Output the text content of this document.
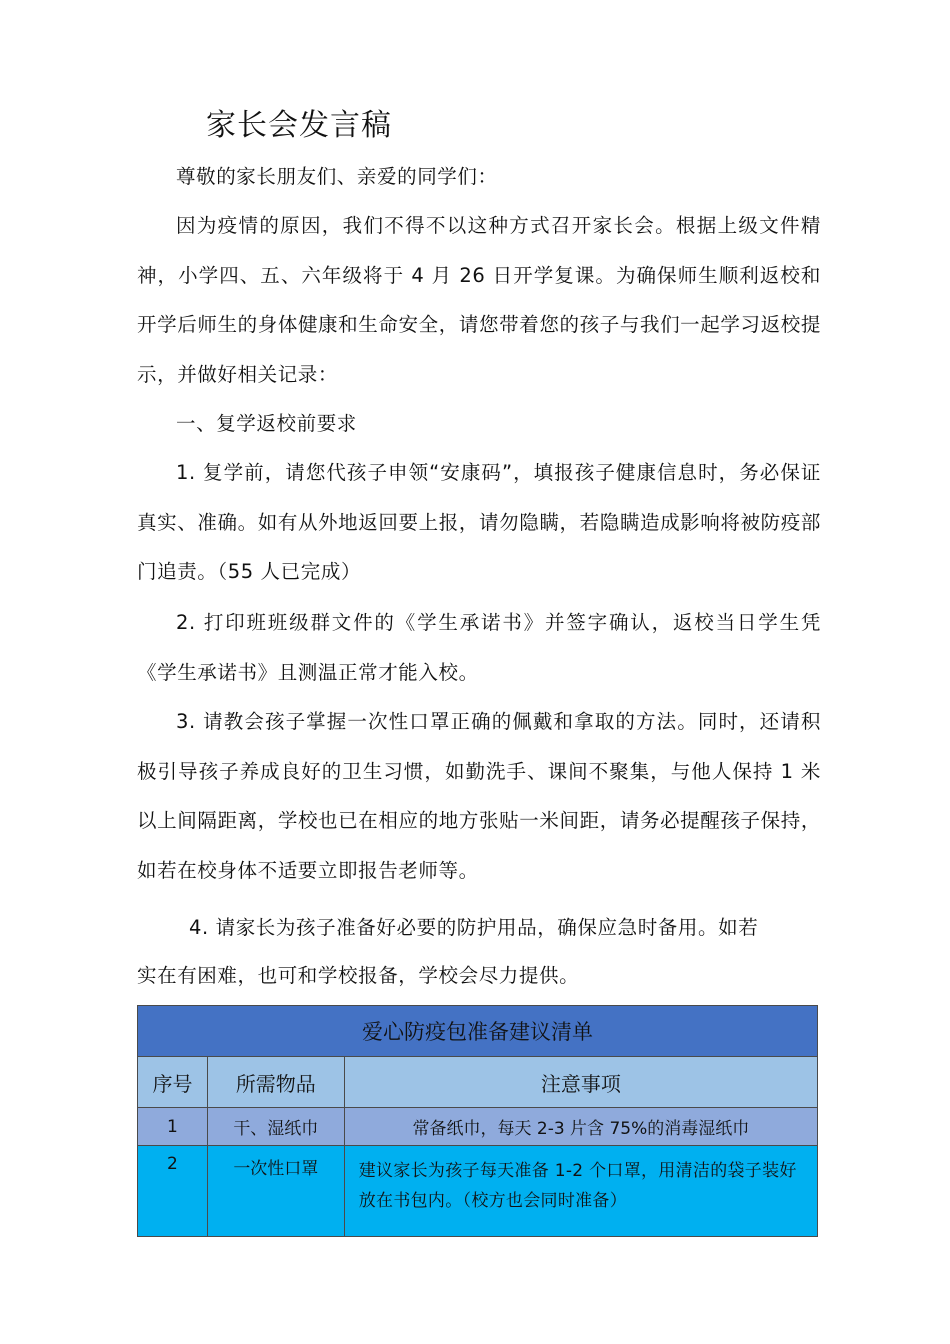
家长会发言稿
尊敬的家长朋友们、亲爱的同学们：
因为疫情的原因，我们不得不以这种方式召开家长会。根据上级文件精神，小学四、五、六年级将于 4 月 26 日开学复课。为确保师生顺利返校和开学后师生的身体健康和生命安全，请您带着您的孩子与我们一起学习返校提示，并做好相关记录：
一、复学返校前要求
1. 复学前，请您代孩子申领“安康码”，填报孩子健康信息时，务必保证真实、准确。如有从外地返回要上报，请勿隐瞒，若隐瞒造成影响将被防疫部门追责。（55 人已完成）
2. 打印班班级群文件的《学生承诺书》并签字确认，返校当日学生凭《学生承诺书》且测温正常才能入校。
3. 请教会孩子掌握一次性口罩正确的佩戴和拿取的方法。同时，还请积极引导孩子养成良好的卫生习惯，如勤洗手、课间不聚集，与他人保持 1 米以上间隔距离，学校也已在相应的地方张贴一米间距，请务必提醒孩子保持，如若在校身体不适要立即报告老师等。
4. 请家长为孩子准备好必要的防护用品，确保应急时备用。如若
实在有困难，也可和学校报备，学校会尽力提供。
爱心防疫包准备建议清单		
序号	所需物品	注意事项
1	干、湿纸巾	常备纸巾，每天 2-3 片含 75%的消毒湿纸巾
2	一次性口罩	建议家长为孩子每天准备 1-2 个口罩，用清洁的袋子装好放在书包内。（校方也会同时准备）
